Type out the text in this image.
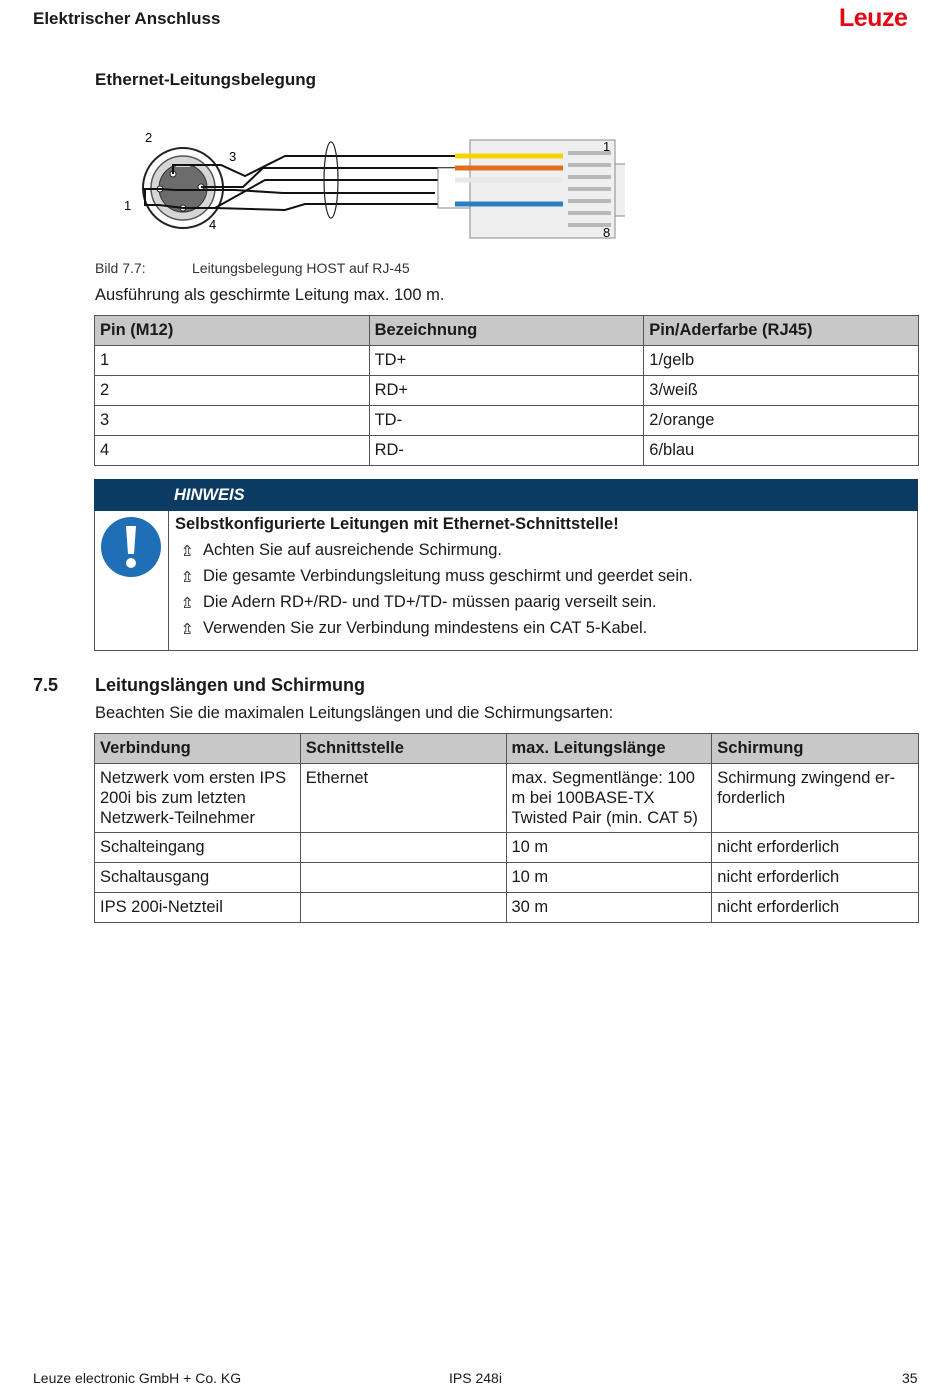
Elektrischer Anschluss	Leuze
Ethernet-Leitungsbelegung
2
3
1
4
1
8
Bild 7.7:	Leitungsbelegung HOST auf RJ-45
Ausführung als geschirmte Leitung max. 100 m.
Pin (M12)	Bezeichnung	Pin/Aderfarbe (RJ45)
1	TD+	1/gelb
2	RD+	3/weiß
3	TD-	2/orange
4	RD-	6/blau
HINWEIS
Selbstkonfigurierte Leitungen mit Ethernet-Schnittstelle!
⇬ Achten Sie auf ausreichende Schirmung.
⇬ Die gesamte Verbindungsleitung muss geschirmt und geerdet sein.
⇬ Die Adern RD+/RD- und TD+/TD- müssen paarig verseilt sein.
⇬ Verwenden Sie zur Verbindung mindestens ein CAT 5-Kabel.
7.5 Leitungslängen und Schirmung
Beachten Sie die maximalen Leitungslängen und die Schirmungsarten:
Verbindung	Schnittstelle	max. Leitungslänge	Schirmung
Netzwerk vom ersten IPS 200i bis zum letzten Netzwerk-Teilnehmer	Ethernet	max. Segmentlänge: 100 m bei 100BASE-TX Twisted Pair (min. CAT 5)	Schirmung zwingend er-forderlich
Schalteingang		10 m	nicht erforderlich
Schaltausgang		10 m	nicht erforderlich
IPS 200i-Netzteil		30 m	nicht erforderlich
Leuze electronic GmbH + Co. KG	IPS 248i	35
